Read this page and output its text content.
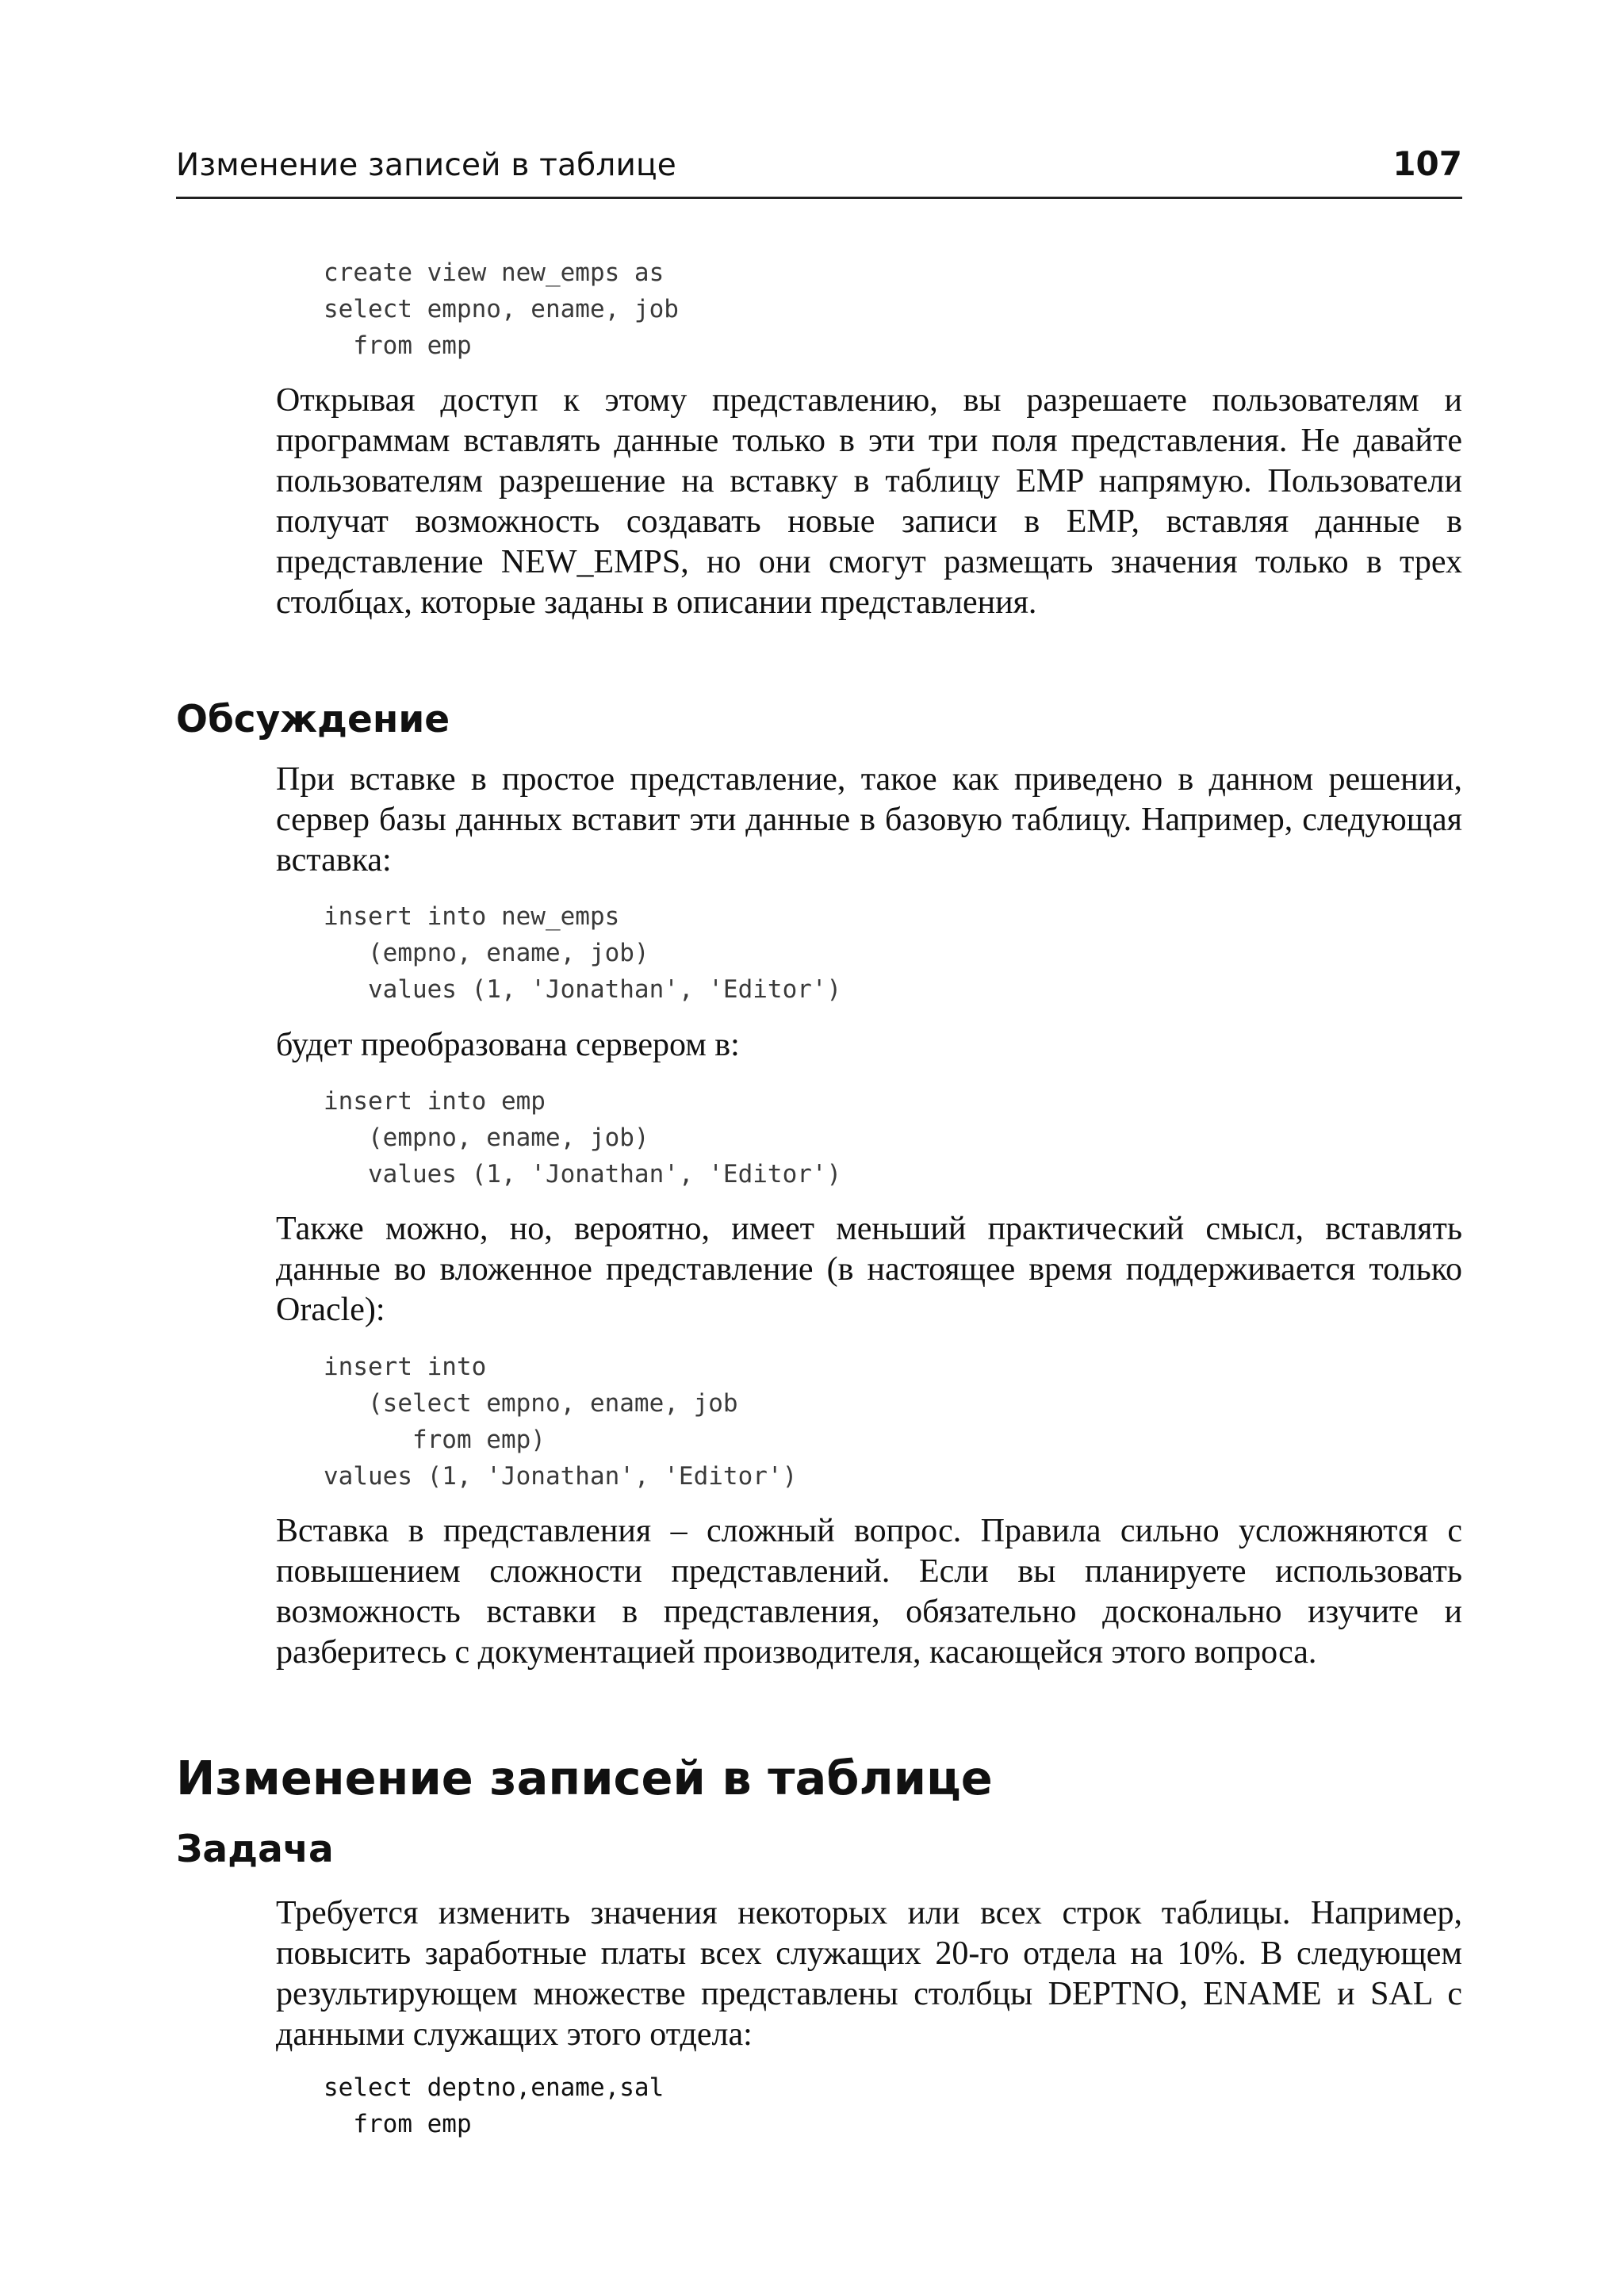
Изменение записей в таблице	107
create view new_emps as
select empno, ename, job
from emp

Открывая доступ к этому представлению, вы разрешаете пользователям и программам вставлять данные только в эти три поля представления. Не давайте пользователям разрешение на вставку в таблицу EMP напрямую. Пользователи получат возможность создавать новые записи в EMP, вставляя данные в представление NEW_EMPS, но они смогут размещать значения только в трех столбцах, которые заданы в описании представления.

Обсуждение

При вставке в простое представление, такое как приведено в данном решении, сервер базы данных вставит эти данные в базовую таблицу. Например, следующая вставка:

insert into new_emps
(empno, ename, job)
values (1, 'Jonathan', 'Editor')

будет преобразована сервером в:

insert into emp
(empno, ename, job)
values (1, 'Jonathan', 'Editor')

Также можно, но, вероятно, имеет меньший практический смысл, вставлять данные во вложенное представление (в настоящее время поддерживается только Oracle):

insert into
(select empno, ename, job
from emp)
values (1, 'Jonathan', 'Editor')

Вставка в представления – сложный вопрос. Правила сильно усложняются с повышением сложности представлений. Если вы планируете использовать возможность вставки в представления, обязательно досконально изучите и разберитесь с документацией производителя, касающейся этого вопроса.

Изменение записей в таблице
Задача

Требуется изменить значения некоторых или всех строк таблицы. Например, повысить заработные платы всех служащих 20-го отдела на 10%. В следующем результирующем множестве представлены столбцы DEPTNO, ENAME и SAL с данными служащих этого отдела:

select deptno,ename,sal
from emp
